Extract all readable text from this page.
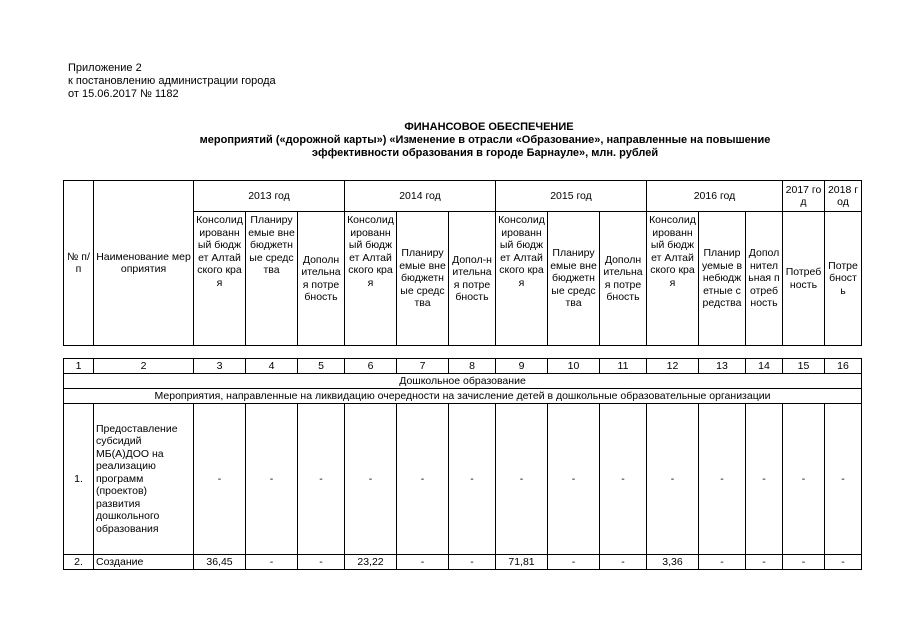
Приложение 2
к постановлению администрации города
от 15.06.2017 № 1182
ФИНАНСОВОЕ ОБЕСПЕЧЕНИЕ
мероприятий («дорожной карты») «Изменение в отрасли «Образование», направленные на повышение
эффективности образования в городе Барнауле», млн. рублей
№ п/п	Наименование мероприятия	2013 год			2014 год			2015 год			2016 год			2017 год	2018 год
		Консолидированный бюджет Алтайского края	Планируемые внебюджетные средства	Дополнительная потребность	Консолидированный бюджет Алтайского края	Планируемые внебюджетные средства	Допол-нительная потребность	Консолидированный бюджет Алтайского края	Планируемые внебюджетные средства	Дополнительная потребность	Консолидированный бюджет Алтайского края	Планируемые внебюджетные средства	Дополнительная потребность	Потребность	Потребность

1	2	3	4	5	6	7	8	9	10	11	12	13	14	15	16
Дошкольное образование															
Мероприятия, направленные на ликвидацию очередности на зачисление детей в дошкольные образовательные организации															
1.	Предоставление субсидий МБ(А)ДОО на реализацию программ (проектов) развития дошкольного образования	-	-	-	-	-	-	-	-	-	-	-	-	-	-
2.	Создание	36,45	-	-	23,22	-	-	71,81	-	-	3,36	-	-	-	-
